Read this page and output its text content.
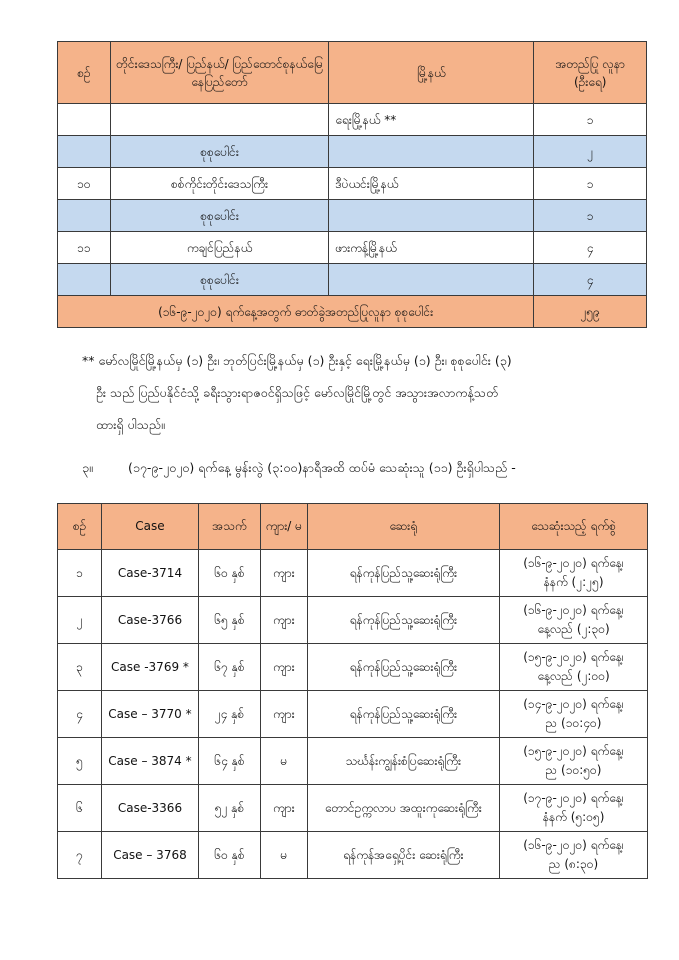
စဉ်	တိုင်းဒေသကြီး/ ပြည်နယ်/ ပြည်ထောင်စုနယ်မြေ နေပြည်တော်	မြို့နယ်	အတည်ပြု လူနာ (ဦးရေ)
		ရေးမြို့နယ် **	၁
	စုစုပေါင်း		၂
၁၀	စစ်ကိုင်းတိုင်းဒေသကြီး	ဒီပဲယင်းမြို့နယ်	၁
	စုစုပေါင်း		၁
၁၁	ကချင်ပြည်နယ်	ဖားကန့်မြို့နယ်	၄
	စုစုပေါင်း		၄
(၁၆-၉-၂၀၂၀) ရက်နေ့အတွက် ဓာတ်ခွဲအတည်ပြုလူနာ စုစုပေါင်း			၂၅၉
** မော်လမြိုင်မြို့နယ်မှ (၁) ဦး၊ ဘုတ်ပြင်းမြို့နယ်မှ (၁) ဦးနှင့် ရေးမြို့နယ်မှ (၁) ဦး၊ စုစုပေါင်း (၃)
ဦး သည် ပြည်ပနိုင်ငံသို့ ခရီးသွားရာဇဝင်ရှိသဖြင့် မော်လမြိုင်မြို့တွင် အသွားအလာကန့်သတ်
ထားရှိ ပါသည်။
၃။	(၁၇-၉-၂၀၂၀) ရက်နေ့ မွန်းလွဲ (၃:၀၀)နာရီအထိ ထပ်မံ သေဆုံးသူ (၁၁) ဦးရှိပါသည် -
စဉ်	Case	အသက်	ကျား/ မ	ဆေးရုံ	သေဆုံးသည့် ရက်စွဲ
၁	Case-3714	၆၀ နှစ်	ကျား	ရန်ကုန်ပြည်သူ့ဆေးရုံကြီး	(၁၆-၉-၂၀၂၀) ရက်နေ့၊
နံနက် (၂:၂၅)

၂	Case-3766	၆၅ နှစ်	ကျား	ရန်ကုန်ပြည်သူ့ဆေးရုံကြီး	(၁၆-၉-၂၀၂၀) ရက်နေ့၊
နေ့လည် (၂:၃၀)

၃	Case -3769 *	၆၇ နှစ်	ကျား	ရန်ကုန်ပြည်သူ့ဆေးရုံကြီး	(၁၅-၉-၂၀၂၀) ရက်နေ့၊
နေ့လည် (၂:၀၀)

၄	Case – 3770 *	၂၄ နှစ်	ကျား	ရန်ကုန်ပြည်သူ့ဆေးရုံကြီး	(၁၄-၉-၂၀၂၀) ရက်နေ့၊
ည (၁၀:၄၀)

၅	Case – 3874 *	၆၄ နှစ်	မ	သင်္ဃန်းကျွန်းစံပြဆေးရုံကြီး	(၁၅-၉-၂၀၂၀) ရက်နေ့၊
ည (၁၀:၅၀)

၆	Case-3366	၅၂ နှစ်	ကျား	တောင်ဥက္ကလာပ အထူးကုဆေးရုံကြီး	(၁၇-၉-၂၀၂၀) ရက်နေ့၊
နံနက် (၅:၀၅)

၇	Case – 3768	၆၀ နှစ်	မ	ရန်ကုန်အရှေ့ပိုင်း ဆေးရုံကြီး	(၁၆-၉-၂၀၂၀) ရက်နေ့၊
ည (၈:၃၀)
